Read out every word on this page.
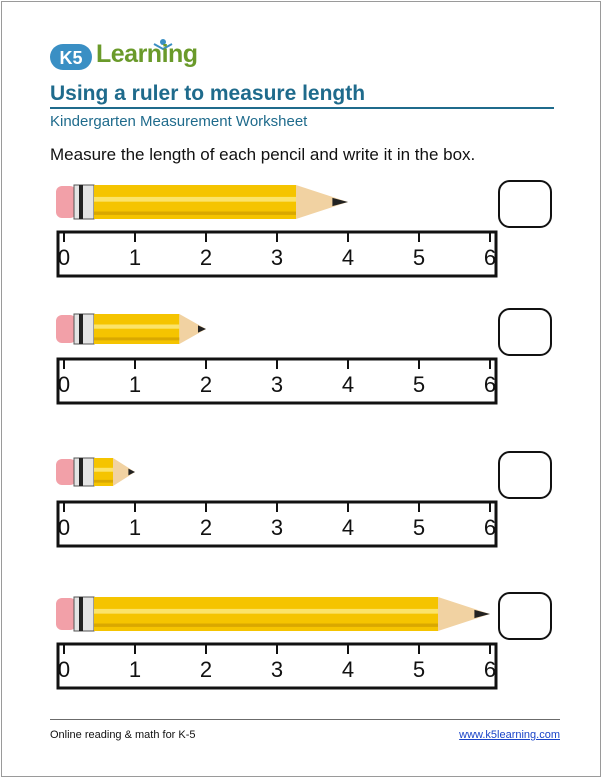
K5 Learning
Using a ruler to measure length
Kindergarten Measurement Worksheet
Measure the length of each pencil and write it in the box.
0	1	2	3	4	5	6
0	1	2	3	4	5	6
0	1	2	3	4	5	6
0	1	2	3	4	5	6
Online reading & math for K-5	www.k5learning.com
